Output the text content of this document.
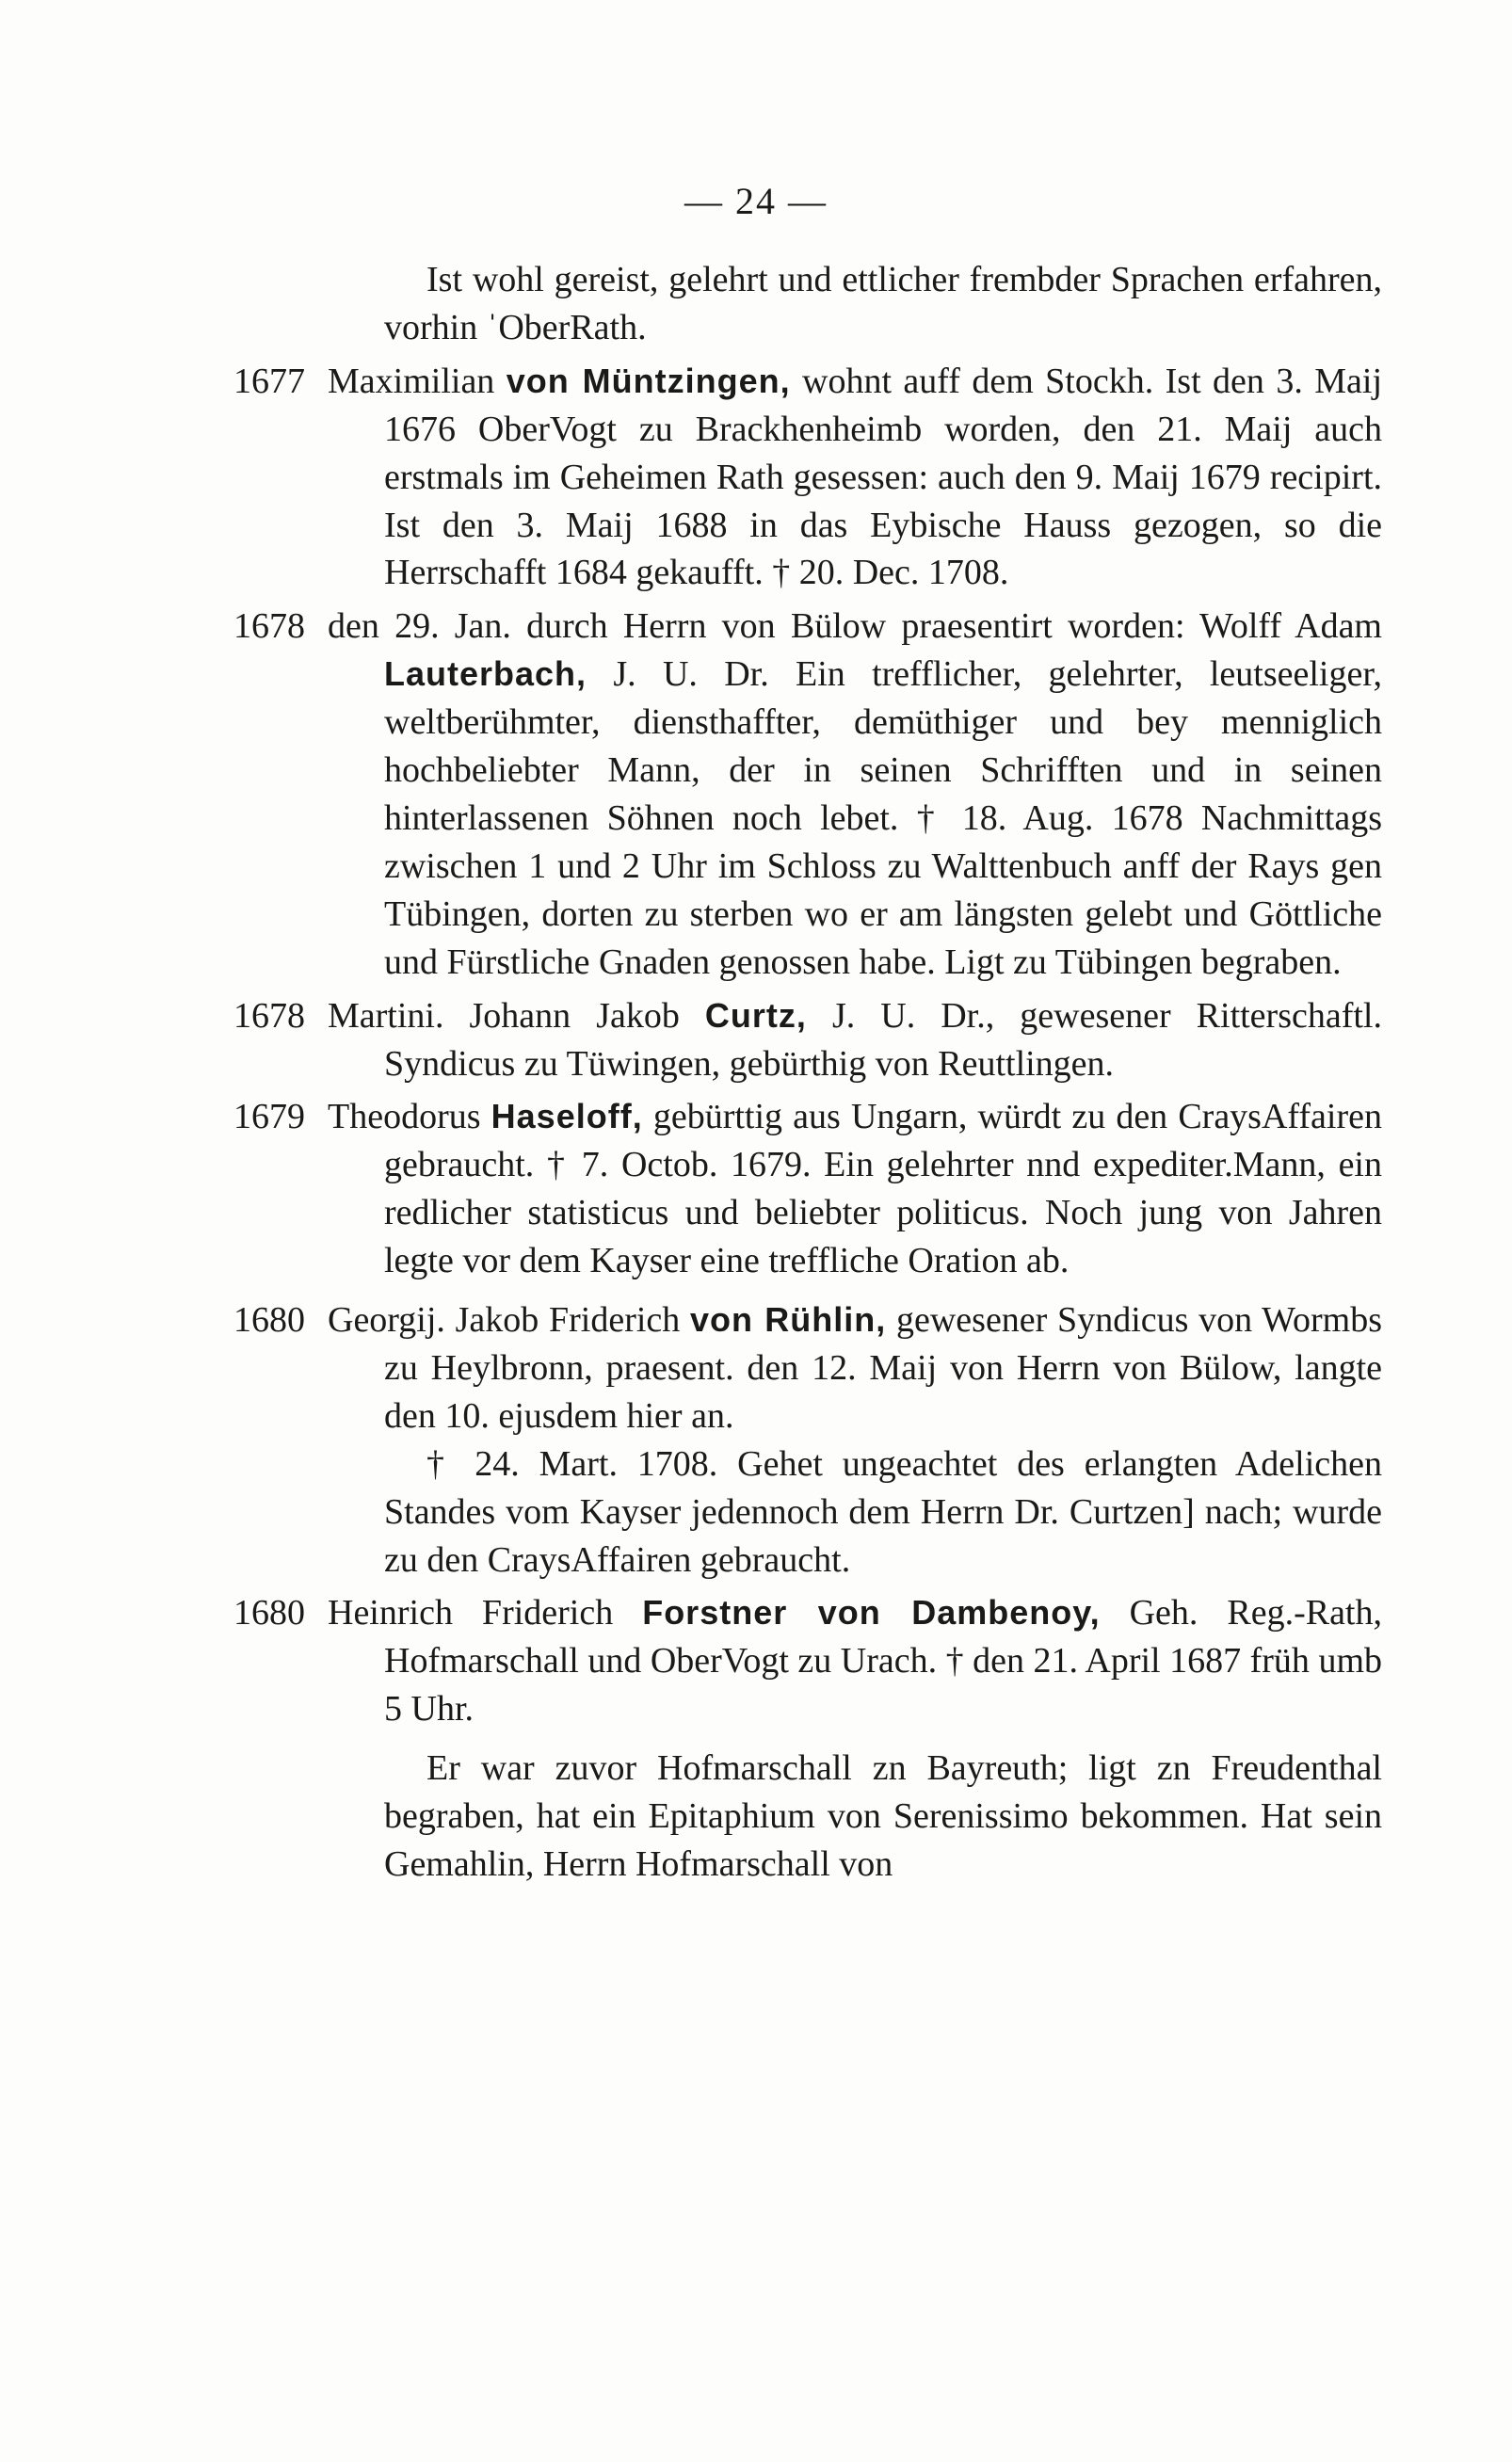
— 24 —

Ist wohl gereist, gelehrt und ettlicher frembder Sprachen erfahren, vorhin ˈOberRath.

1677 Maximilian von Müntzingen, wohnt auff dem Stockh. Ist den 3. Maij 1676 OberVogt zu Brackhenheimb worden, den 21. Maij auch erstmals im Geheimen Rath gesessen: auch den 9. Maij 1679 recipirt. Ist den 3. Maij 1688 in das Eybische Hauss gezogen, so die Herrschafft 1684 gekaufft. † 20. Dec. 1708.

1678 den 29. Jan. durch Herrn von Bülow praesentirt worden: Wolff Adam Lauterbach, J. U. Dr. Ein trefflicher, gelehrter, leutseeliger, weltberühmter, diensthaffter, demüthiger und bey menniglich hochbeliebter Mann, der in seinen Schrifften und in seinen hinterlassenen Söhnen noch lebet. † 18. Aug. 1678 Nachmittags zwischen 1 und 2 Uhr im Schloss zu Walttenbuch anff der Rays gen Tübingen, dorten zu sterben wo er am längsten gelebt und Göttliche und Fürstliche Gnaden genossen habe. Ligt zu Tübingen begraben.

1678 Martini. Johann Jakob Curtz, J. U. Dr., gewesener Ritterschaftl. Syndicus zu Tüwingen, gebürthig von Reuttlingen.

1679 Theodorus Haseloff, gebürttig aus Ungarn, würdt zu den CraysAffairen gebraucht. † 7. Octob. 1679. Ein gelehrter nnd expediter.Mann, ein redlicher statisticus und beliebter politicus. Noch jung von Jahren legte vor dem Kayser eine treffliche Oration ab.

1680 Georgij. Jakob Friderich von Rühlin, gewesener Syndicus von Wormbs zu Heylbronn, praesent. den 12. Maij von Herrn von Bülow, langte den 10. ejusdem hier an.

† 24. Mart. 1708. Gehet ungeachtet des erlangten Adelichen Standes vom Kayser jedennoch dem Herrn Dr. Curtzen] nach; wurde zu den CraysAffairen gebraucht.

1680 Heinrich Friderich Forstner von Dambenoy, Geh. Reg.-Rath, Hofmarschall und OberVogt zu Urach. † den 21. April 1687 früh umb 5 Uhr.

Er war zuvor Hofmarschall zn Bayreuth; ligt zn Freudenthal begraben, hat ein Epitaphium von Serenissimo bekommen. Hat sein Gemahlin, Herrn Hofmarschall von
